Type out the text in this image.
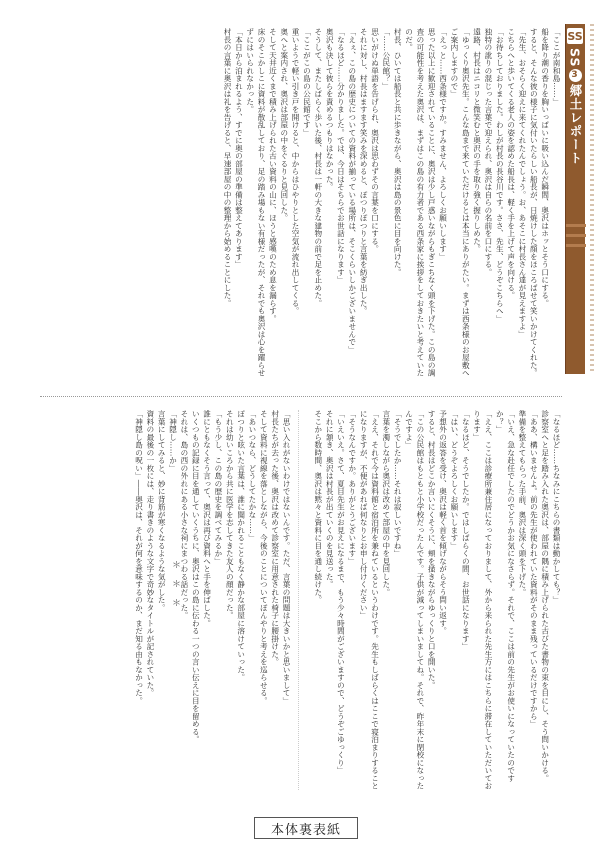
SS
SS
3
郷土レポート

「ここが南和島……」

船を降り潮の香りを胸いっぱいに吸い込んだ瞬間、奥沢はホッとそう口にする。

すると、そんな彼の様子に気付いたらしい船長が、日焼けした顔をほころばせて笑いかけてくれた。

「先生、おそらく迎えに来てくれたんでしょう。お、あそこに村長さん達が見えますよ」

こちらへと歩いてくる老人の姿を認めた船長は、軽く手を上げて声を向ける。

「お待ちしておりました。わしが村長の長谷川です。ささ、先生、どうぞこちらへ」

独特の訛りの混じった言葉で迎えられ、奥沢は自らの名前を口にする。

遠路、村長はニコリと微笑むと奥沢の手を取り強く握りしめた。

「ゆっくり奥沢先生。こんな島まで来ていただけるとは本当にありがたい。まずは西条様のお屋敷へご案内しますので」

「えっと……西条様ですか。すみません、よろしくお願いします」

思った以上に歓迎されていることに、奥沢は少し戸惑いながらもぎこちなく頭を下げた。この島の調査の可能性を考えた奥沢は、まずはこの島の有力者である西条家に挨拶をしておきたいと考えていたのだ。

村長、ひいては船長と共に歩きながら、奥沢は島の景色に目を向けた。

「……公民館？」

思いがけぬ単語を告げられ、奥沢は思わずその言葉を口にする。

それに対し、村長はますます笑みを深めると、ぽつりぽつりと言葉を紡ぎ出した。

「えぇ、この島の歴史についての資料が揃っている場所は、そこくらいしかございませんで」

「なるほど……分かりました。では、今日はそちらでお世話になります」

奥沢も決して彼らを責めるつもりはなかった。

そうして、またしばらく歩いた後、村長は一軒の大きな建物の前で足を止めた。

「ここがこの島の公民館です」

重いようで軽い引き戸を開けると、中からはひやりとした空気が流れ出してくる。

奥へと案内され、奥沢は部屋の中をぐるりと見回した。

そして天井近くまで積み上げられた古い資料の山に、ほうと感嘆のため息を漏らす。

床のそこかしこに資料が散乱しており、足の踏み場もない有様だったが、それでも奥沢は心を躍らせずにはいられなかった。

「本日から泊まれるよう、すでに奥の部屋の準備は整えてあります」

村長の言葉に奥沢は礼を告げると、早速部屋の中の整理から始めることにした。

「なるほど……ちなみにこちらの書類は動かしても？」

診察室へと足を踏み入れた奥沢は、部屋の隅に積み上げられた古びた書物の束を目にし、そう問いかける。

「ああ、構いませんよ。前の先生が使われていた資料がそのまま残っているだけですから」

準備を整えてもらった手前、奥沢は深く頭を下げた。

「いえ、急な赴任でしたのでどうかお気になさらず。それで、ここは前の先生がお使いになっていたのですか？」

「ええ、ここは診療所兼住居になっておりまして、外から来られた先生方にはこちらに滞在していただいております」

「なるほど、そうでしたか。ではしばらくの間、お世話になります」

「はい、どうぞよろしくお願いします」

予想外の返答を受け、奥沢は軽く首を傾げながらそう問い返す。

すると、村長はどこか言いにくそうに、頬を掻きながらゆっくりと口を開いた。

「この公民館はもともと小学校だったんです。子供が減ってしまいましてね。それで、昨年末に閉校になったんですよ」

「そうでしたか……それは寂しいですね」

言葉を濁しながら奥沢は改めて部屋の中を見回した。

「ええ、それで今は資料館と宿泊所を兼ねているというわけです。先生もしばらくはここで寝泊まりすることになりますが、不便があれば何なりとお申し付けください」

「そうなんですか。ありがとうございます」

「いえいえ。さて、夏目先生がお見えになるまで、もう少々時間がございますので、どうぞごゆっくり」

それに頷き、奥沢は村長が出ていくのを見送った。

そこから数時間、奥沢は黙々と資料に目を通し続けた。

「思い入れがないわけではないんです。ただ、言葉の問題は大きいかと思いまして」

村長たちが去った後、奥沢は改めて診察室に用意された椅子に腰掛けた。

そして資料に視線を落としながら、今後のことについてぼんやりと考えを巡らせる。

「あいつなら、どうしてたかな……」

ぽつりと呟いた言葉は、誰に聞かれることもなく静かな部屋に溶けていった。

それは幼いころから共に医学を志してきた友人の顔だった。

「もう少し、この島の歴史を調べてみるか」

誰にともなくそう言って、奥沢は再び資料へと手を伸ばした。

いくつもの記録に目を通していくうちに、奥沢はこの島に伝わる一つの言い伝えに目を留める。

それは、島の西の外れにある小さな祠にまつわる話だった。

「神隠し……か」

言葉にしてみると、妙に背筋が寒くなるような気がした。

資料の最後の一枚には、走り書きのような文字で奇妙なタイトルが記されていた。

「神隠し島の呪い」――奥沢は、それが何を意味するのか、まだ知る由もなかった。	＊＊＊
本体裏表紙
